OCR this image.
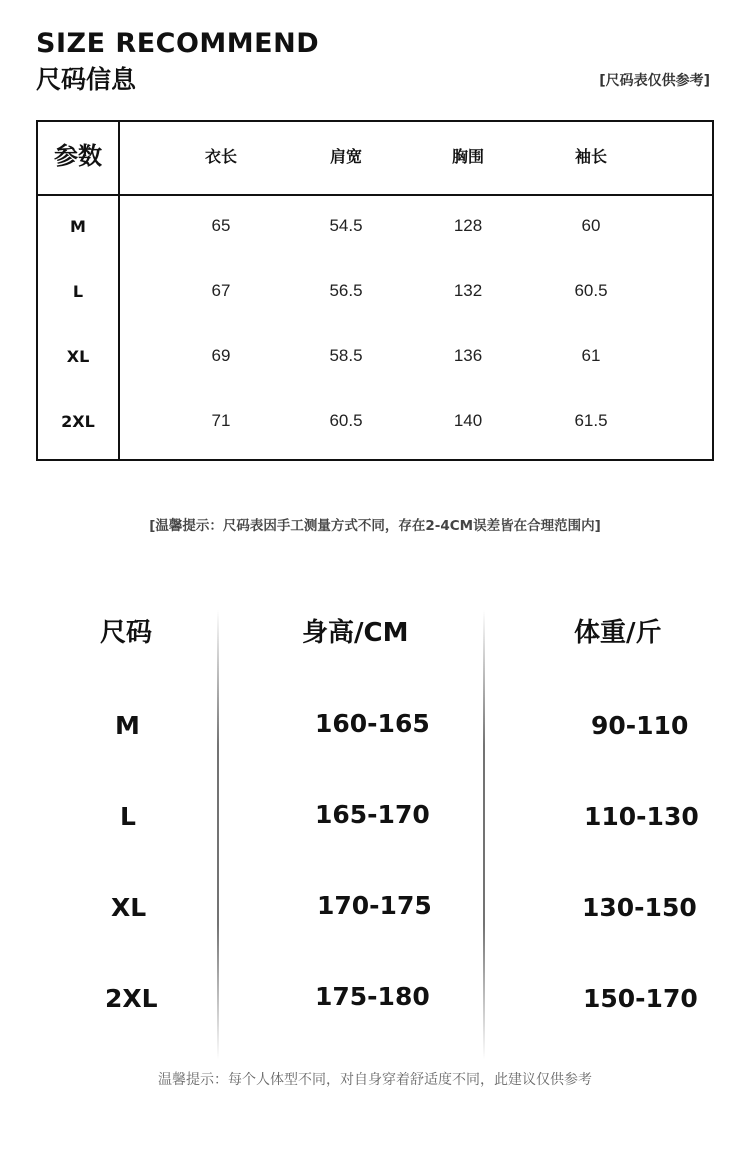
SIZE RECOMMEND
尺码信息	[尺码表仅供参考]
参数	衣长	肩宽	胸围	袖长
M	65	54.5	128	60
L	67	56.5	132	60.5
XL	69	58.5	136	61
2XL	71	60.5	140	61.5
[温馨提示：尺码表因手工测量方式不同，存在2-4CM误差皆在合理范围内]
尺码	身高/CM	体重/斤
M	160-165	90-110
L	165-170	110-130
XL	170-175	130-150
2XL	175-180	150-170
温馨提示：每个人体型不同，对自身穿着舒适度不同，此建议仅供参考
